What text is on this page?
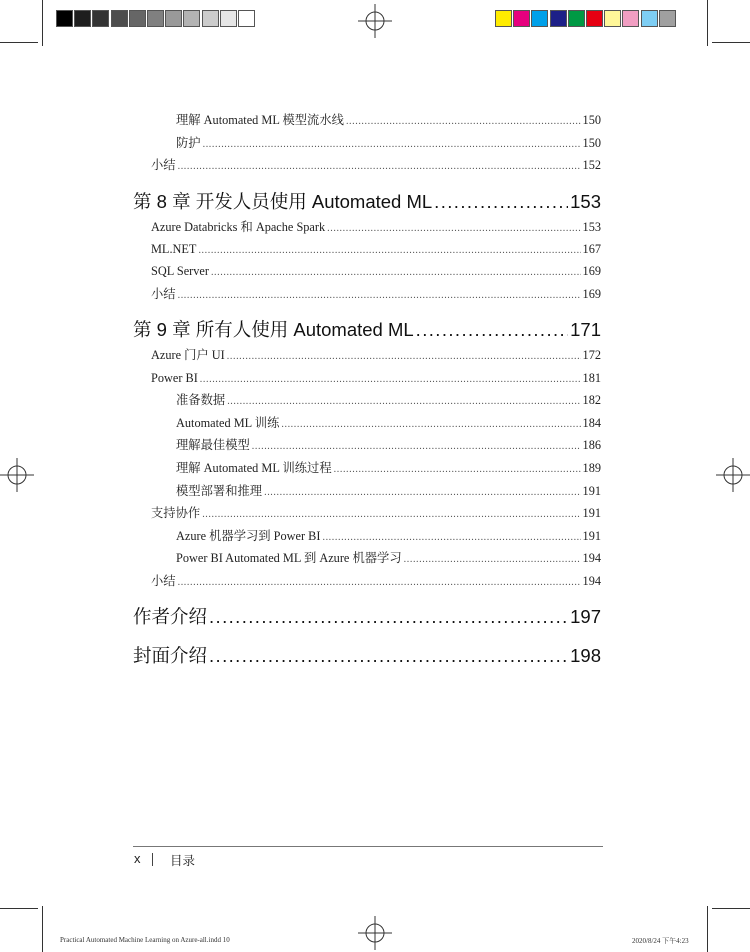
理解 Automated ML 模型流水线 .....	150
防护 .....	150
小结 .....	152
第 8 章 开发人员使用 Automated ML .....	153
Azure Databricks 和 Apache Spark .....	153
ML.NET .....	167
SQL Server .....	169
小结 .....	169
第 9 章 所有人使用 Automated ML .....	171
Azure 门户 UI .....	172
Power BI .....	181
准备数据 .....	182
Automated ML 训练 .....	184
理解最佳模型 .....	186
理解 Automated ML 训练过程 .....	189
模型部署和推理 .....	191
支持协作 .....	191
Azure 机器学习到 Power BI .....	191
Power BI Automated ML 到 Azure 机器学习 .....	194
小结 .....	194
作者介绍 .....	197
封面介绍 .....	198
x 目录
Practical Automated Machine Learning on Azure-all.indd 10	2020/8/24 下午4:23
